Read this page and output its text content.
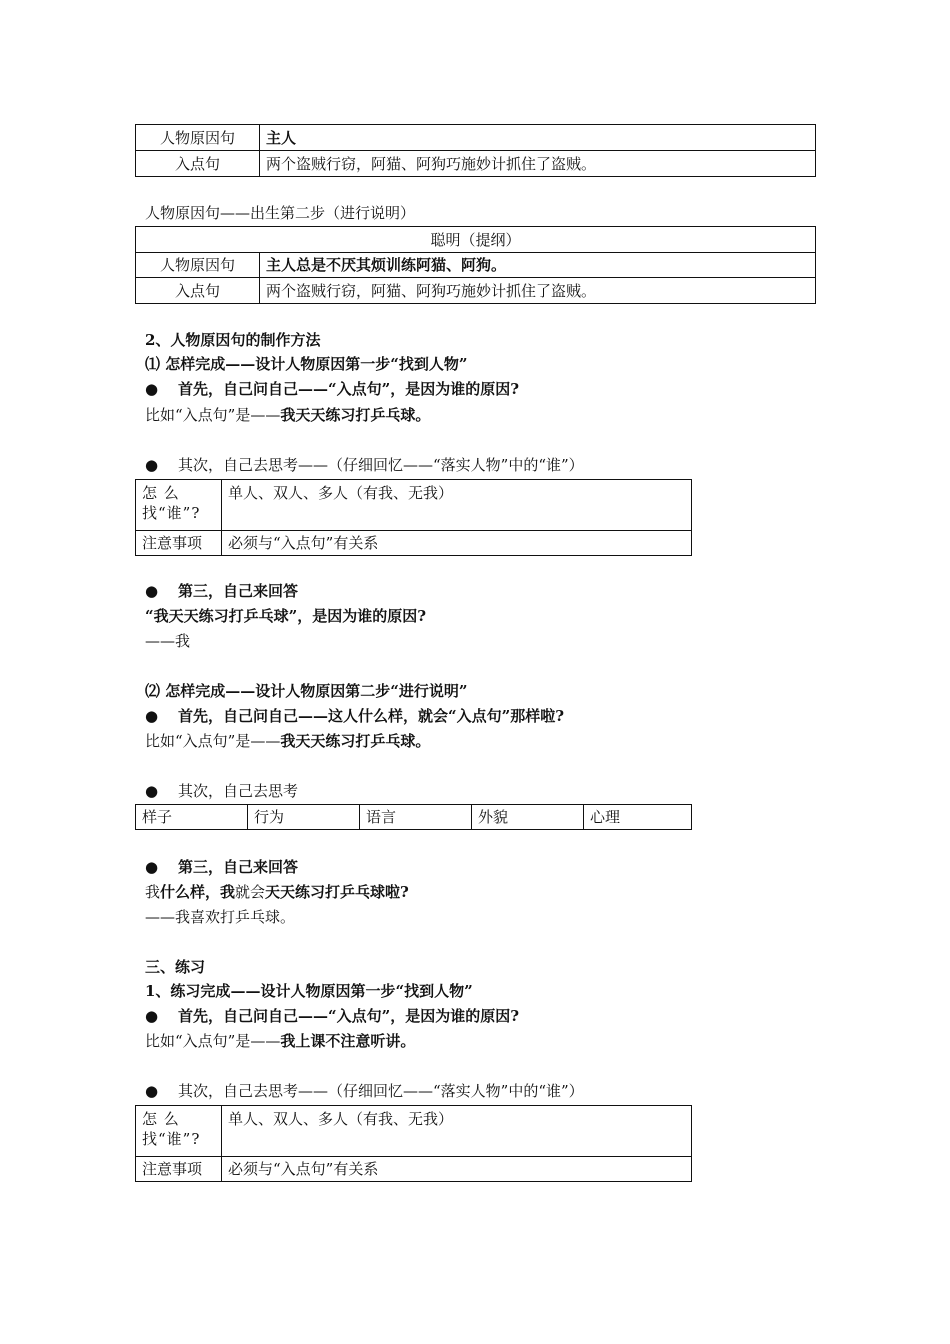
人物原因句	主人
入点句	两个盗贼行窃，阿猫、阿狗巧施妙计抓住了盗贼。
人物原因句——出生第二步（进行说明）
聪明（提纲）	
人物原因句	主人总是不厌其烦训练阿猫、阿狗。
入点句	两个盗贼行窃，阿猫、阿狗巧施妙计抓住了盗贼。
2、人物原因句的制作方法
⑴ 怎样完成——设计人物原因第一步“找到人物”
● 首先，自己问自己——“入点句”，是因为谁的原因?
比如“入点句”是——我天天练习打乒乓球。
● 其次，自己去思考——（仔细回忆——“落实人物”中的“谁”）
怎 么 找“谁”?	单人、双人、多人（有我、无我）
注意事项	必须与“入点句”有关系
● 第三，自己来回答
“我天天练习打乒乓球”，是因为谁的原因?
——我
⑵ 怎样完成——设计人物原因第二步“进行说明”
● 首先，自己问自己——这人什么样，就会“入点句”那样啦?
比如“入点句”是——我天天练习打乒乓球。
● 其次，自己去思考
样子	行为	语言	外貌	心理
● 第三，自己来回答
我什么样，我就会天天练习打乒乓球啦?
——我喜欢打乒乓球。
三、练习
1、练习完成——设计人物原因第一步“找到人物”
● 首先，自己问自己——“入点句”，是因为谁的原因?
比如“入点句”是——我上课不注意听讲。
● 其次，自己去思考——（仔细回忆——“落实人物”中的“谁”）
怎 么 找“谁”?	单人、双人、多人（有我、无我）
注意事项	必须与“入点句”有关系
